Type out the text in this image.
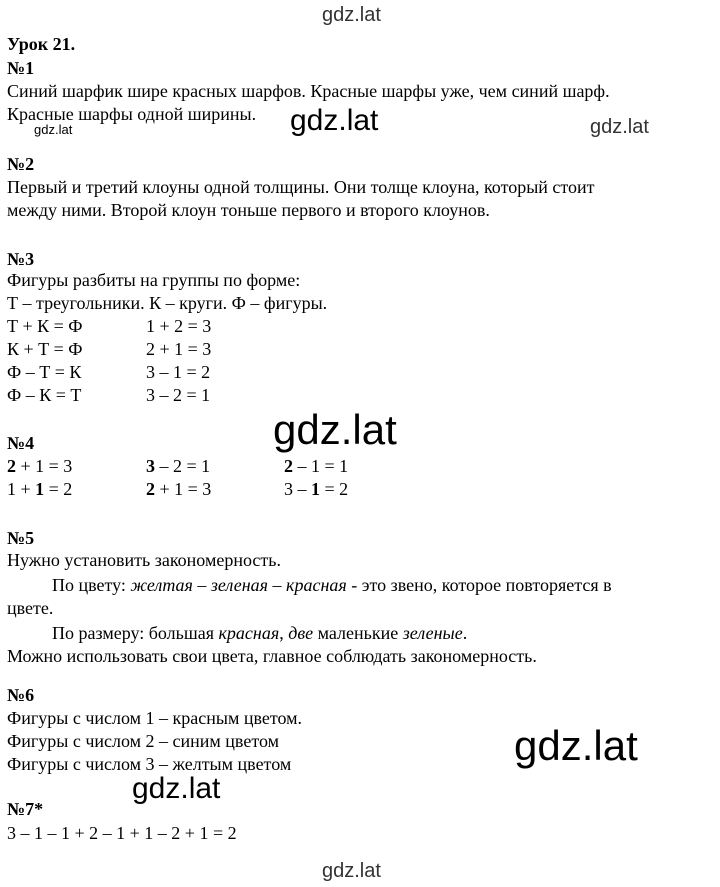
gdz.lat
gdz.lat	gdz.lat	gdz.lat
gdz.lat
gdz.lat
gdz.lat
gdz.lat
Урок 21.
№1
Синий шарфик шире красных шарфов. Красные шарфы уже, чем синий шарф.
Красные шарфы одной ширины.
№2
Первый и третий клоуны одной толщины. Они толще клоуна, который стоит
между ними. Второй клоун тоньше первого и второго клоунов.
№3
Фигуры разбиты на группы по форме:
Т – треугольники. К – круги. Ф – фигуры.
Т + К = Ф	1 + 2 = 3
К + Т = Ф	2 + 1 = 3
Ф – Т = К	3 – 1 = 2
Ф – К = Т	3 – 2 = 1
№4
2 + 1 = 3	3 – 2 = 1	2 – 1 = 1
1 + 1 = 2	2 + 1 = 3	3 – 1 = 2
№5
Нужно установить закономерность.
По цвету: желтая – зеленая – красная - это звено, которое повторяется в
цвете.
По размеру: большая красная, две маленькие зеленые.
Можно использовать свои цвета, главное соблюдать закономерность.
№6
Фигуры с числом 1 – красным цветом.
Фигуры с числом 2 – синим цветом
Фигуры с числом 3 – желтым цветом
№7*
3 – 1 – 1 + 2 – 1 + 1 – 2 + 1 = 2
